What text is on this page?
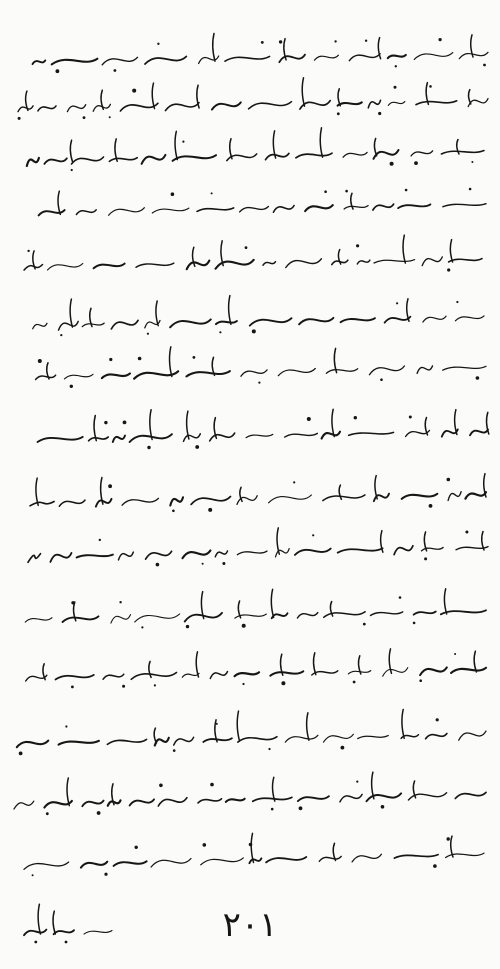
۲۰۱
